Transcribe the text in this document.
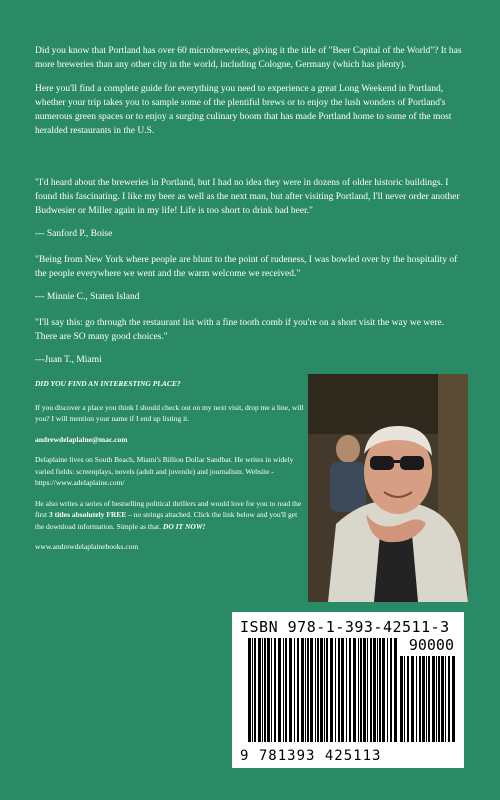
Did you know that Portland has over 60 microbreweries, giving it the title of "Beer Capital of the World"? It has more breweries than any other city in the world, including Cologne, Germany (which has plenty).

Here you'll find a complete guide for everything you need to experience a great Long Weekend in Portland, whether your trip takes you to sample some of the plentiful brews or to enjoy the lush wonders of Portland's numerous green spaces or to enjoy a surging culinary boom that has made Portland home to some of the most heralded restaurants in the U.S.

"I'd heard about the breweries in Portland, but I had no idea they were in dozens of older historic buildings. I found this fascinating. I like my beer as well as the next man, but after visiting Portland, I'll never order another Budwesier or Miller again in my life! Life is too short to drink bad beer."

--- Sanford P., Boise

"Being from New York where people are blunt to the point of rudeness, I was bowled over by the hospitality of the people everywhere we went and the warm welcome we received."

--- Minnie C., Staten Island

"I'll say this: go through the restaurant list with a fine tooth comb if you're on a short visit the way we were. There are SO many good choices."

---Juan T., Miami

DID YOU FIND AN INTERESTING PLACE?

If you discover a place you think I should check out on my next visit, drop me a line, will you? I will mention your name if I end up listing it.

andrewdelaplaine@mac.com

Delaplaine lives on South Beach, Miami's Billion Dollar Sandbar. He writes in widely varied fields: screenplays, novels (adult and juvenile) and journalism. Website - https://www.adelaplaine.com/

He also writes a series of bestselling political thrillers and would love for you to read the first 3 titles absolutely FREE – no strings attached. Click the link below and you'll get the download information. Simple as that. DO IT NOW!

www.andrewdelaplainebooks.com

ISBN 978-1-393-42511-3
90000
9 781393 425113
